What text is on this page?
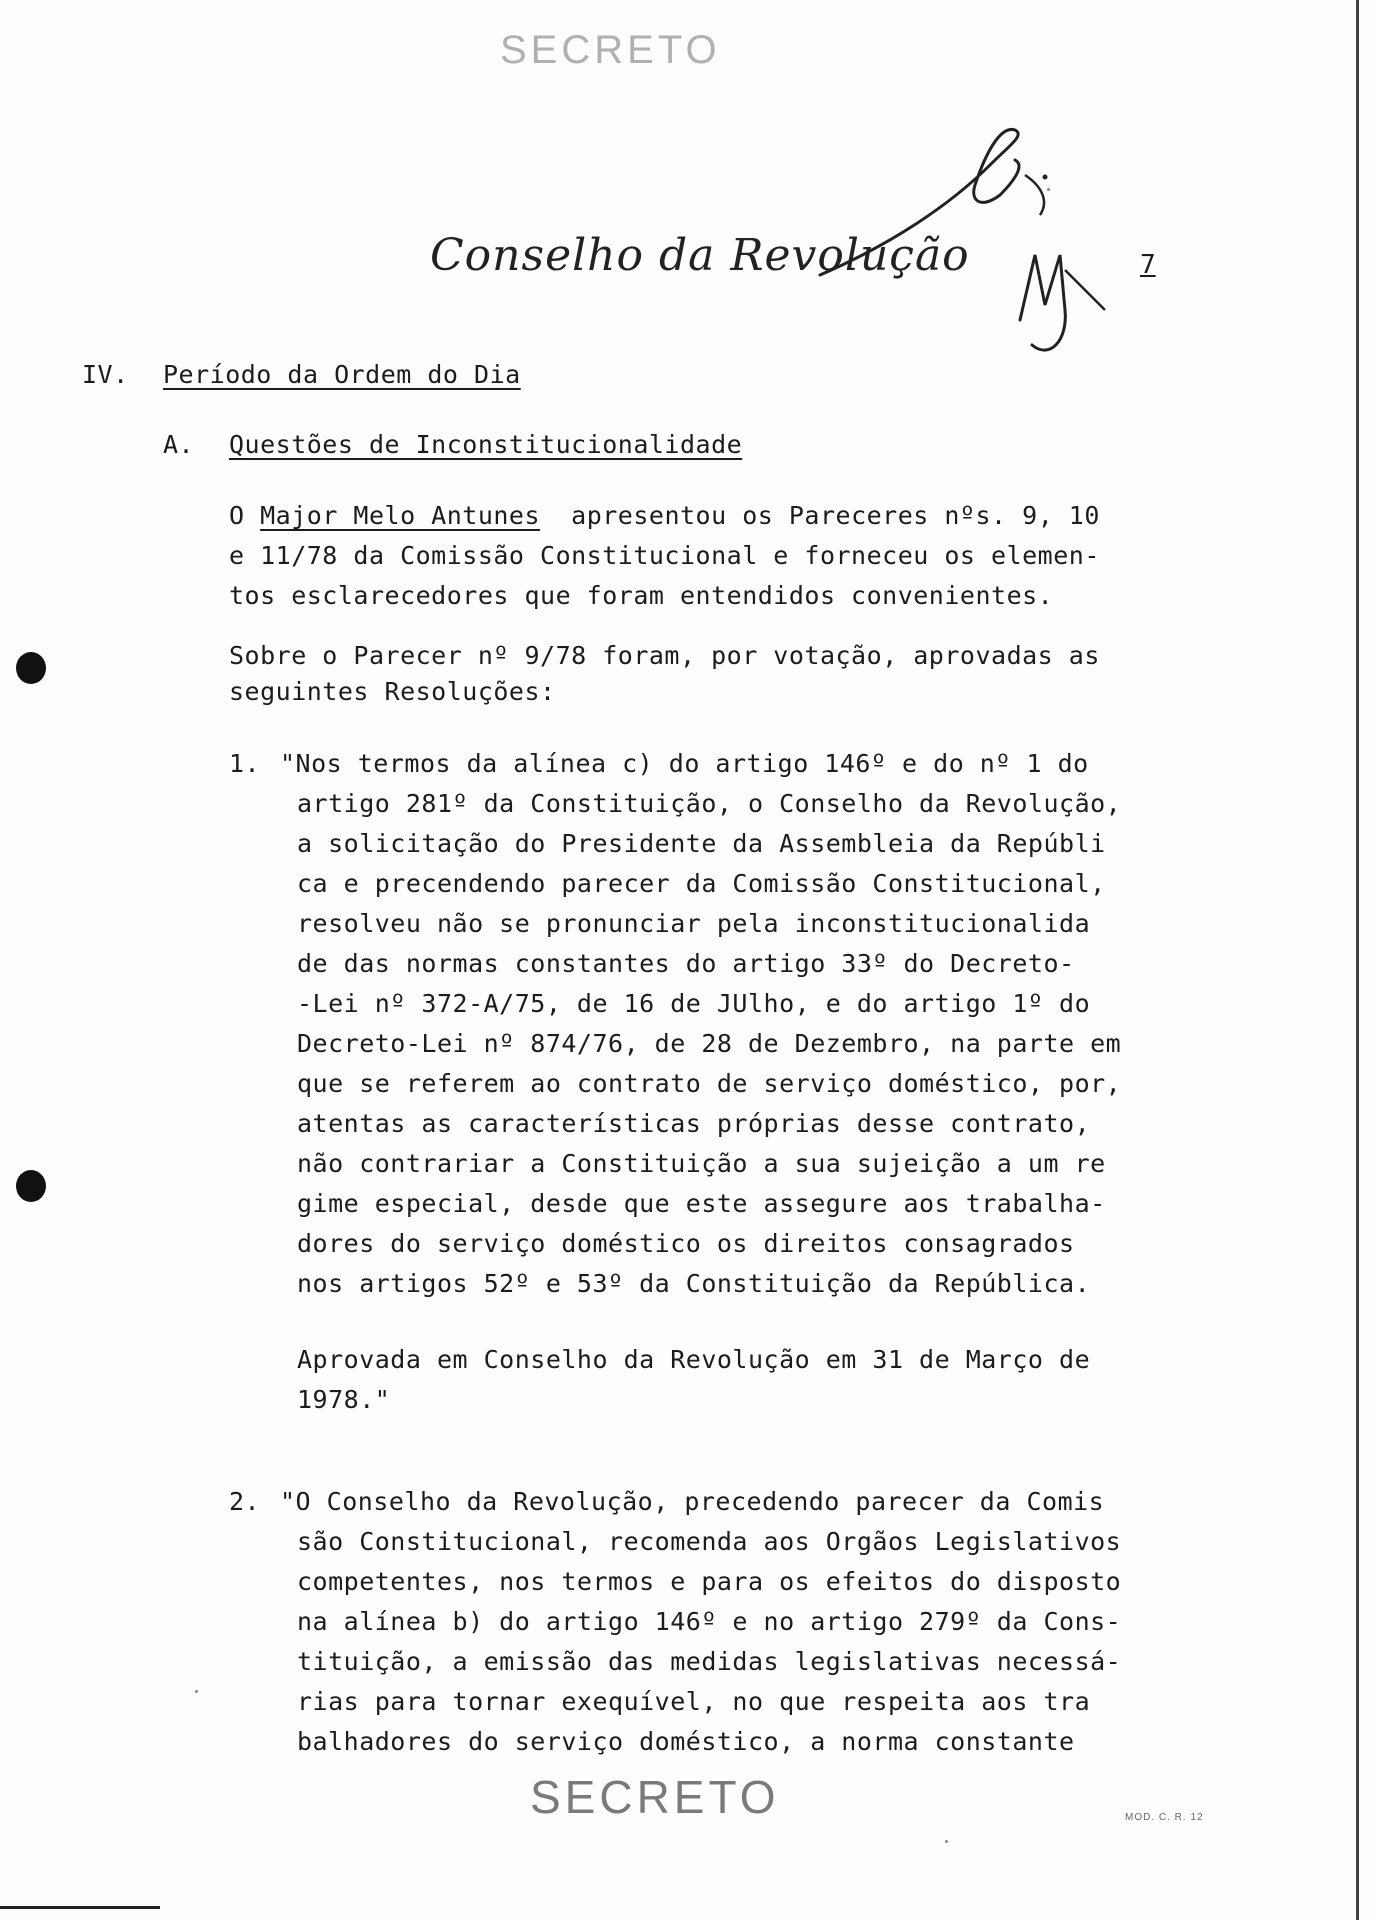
SECRETO
Conselho da Revolução	7
IV. Período da Ordem do Dia
A. Questões de Inconstitucionalidade
O Major Melo Antunes  apresentou os Pareceres nºs. 9, 10
e 11/78 da Comissão Constitucional e forneceu os elemen-
tos esclarecedores que foram entendidos convenientes.
Sobre o Parecer nº 9/78 foram, por votação, aprovadas as
seguintes Resoluções:
1. "Nos termos da alínea c) do artigo 146º e do nº 1 do
artigo 281º da Constituição, o Conselho da Revolução,
a solicitação do Presidente da Assembleia da Repúbli
ca e precendendo parecer da Comissão Constitucional,
resolveu não se pronunciar pela inconstitucionalida
de das normas constantes do artigo 33º do Decreto-
-Lei nº 372-A/75, de 16 de JUlho, e do artigo 1º do
Decreto-Lei nº 874/76, de 28 de Dezembro, na parte em
que se referem ao contrato de serviço doméstico, por,
atentas as características próprias desse contrato,
não contrariar a Constituição a sua sujeição a um re
gime especial, desde que este assegure aos trabalha-
dores do serviço doméstico os direitos consagrados
nos artigos 52º e 53º da Constituição da República.
Aprovada em Conselho da Revolução em 31 de Março de
1978."
2. "O Conselho da Revolução, precedendo parecer da Comis
são Constitucional, recomenda aos Orgãos Legislativos
competentes, nos termos e para os efeitos do disposto
na alínea b) do artigo 146º e no artigo 279º da Cons-
tituição, a emissão das medidas legislativas necessá-
rias para tornar exequível, no que respeita aos tra
balhadores do serviço doméstico, a norma constante
SECRETO	MOD. C. R. 12
